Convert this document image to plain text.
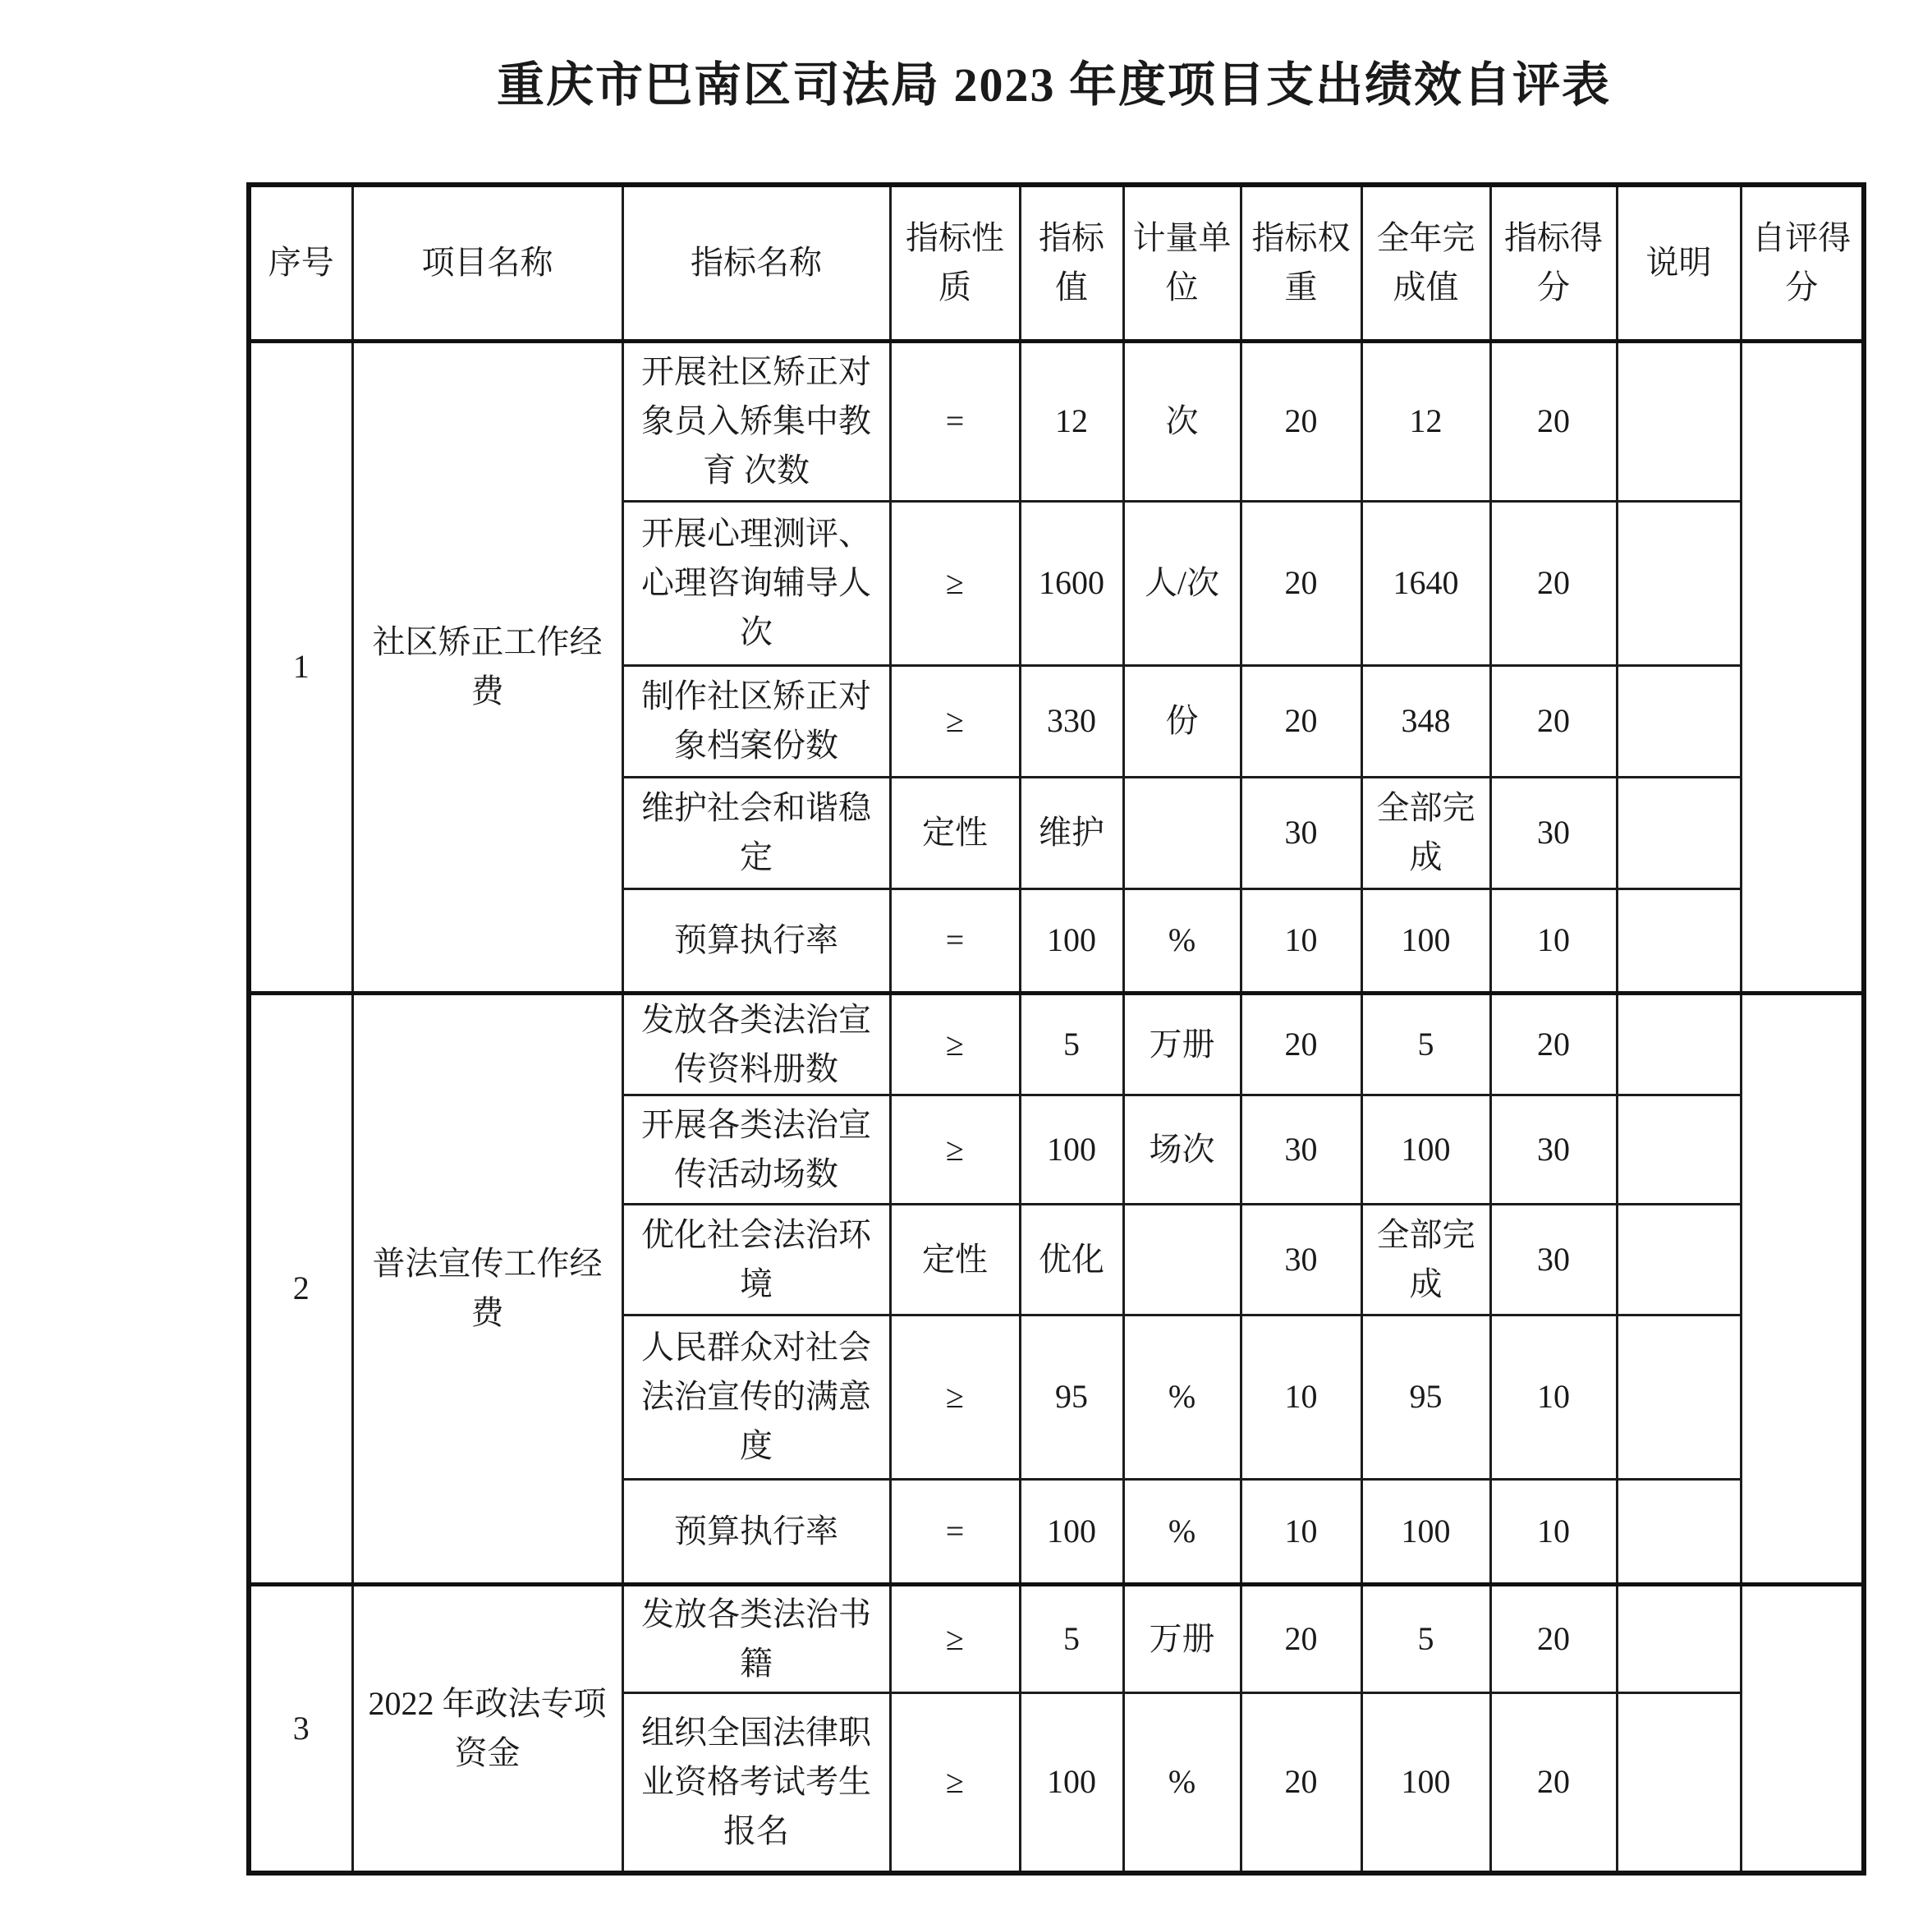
重庆市巴南区司法局 2023 年度项目支出绩效自评表
序号	项目名称	指标名称	指标性质	指标值	计量单位	指标权重	全年完成值	指标得分	说明	自评得分
1	社区矫正工作经费	开展社区矫正对象员入矫集中教育 次数	=	12	次	20	12	20		
		开展心理测评、心理咨询辅导人次	≥	1600	人/次	20	1640	20		
		制作社区矫正对象档案份数	≥	330	份	20	348	20		
		维护社会和谐稳定	定性	维护		30	全部完成	30		
		预算执行率	=	100	%	10	100	10		
2	普法宣传工作经费	发放各类法治宣传资料册数	≥	5	万册	20	5	20		
		开展各类法治宣传活动场数	≥	100	场次	30	100	30		
		优化社会法治环境	定性	优化		30	全部完成	30		
		人民群众对社会法治宣传的满意度	≥	95	%	10	95	10		
		预算执行率	=	100	%	10	100	10		
3	2022 年政法专项资金	发放各类法治书籍	≥	5	万册	20	5	20		
		组织全国法律职业资格考试考生报名	≥	100	%	20	100	20		
